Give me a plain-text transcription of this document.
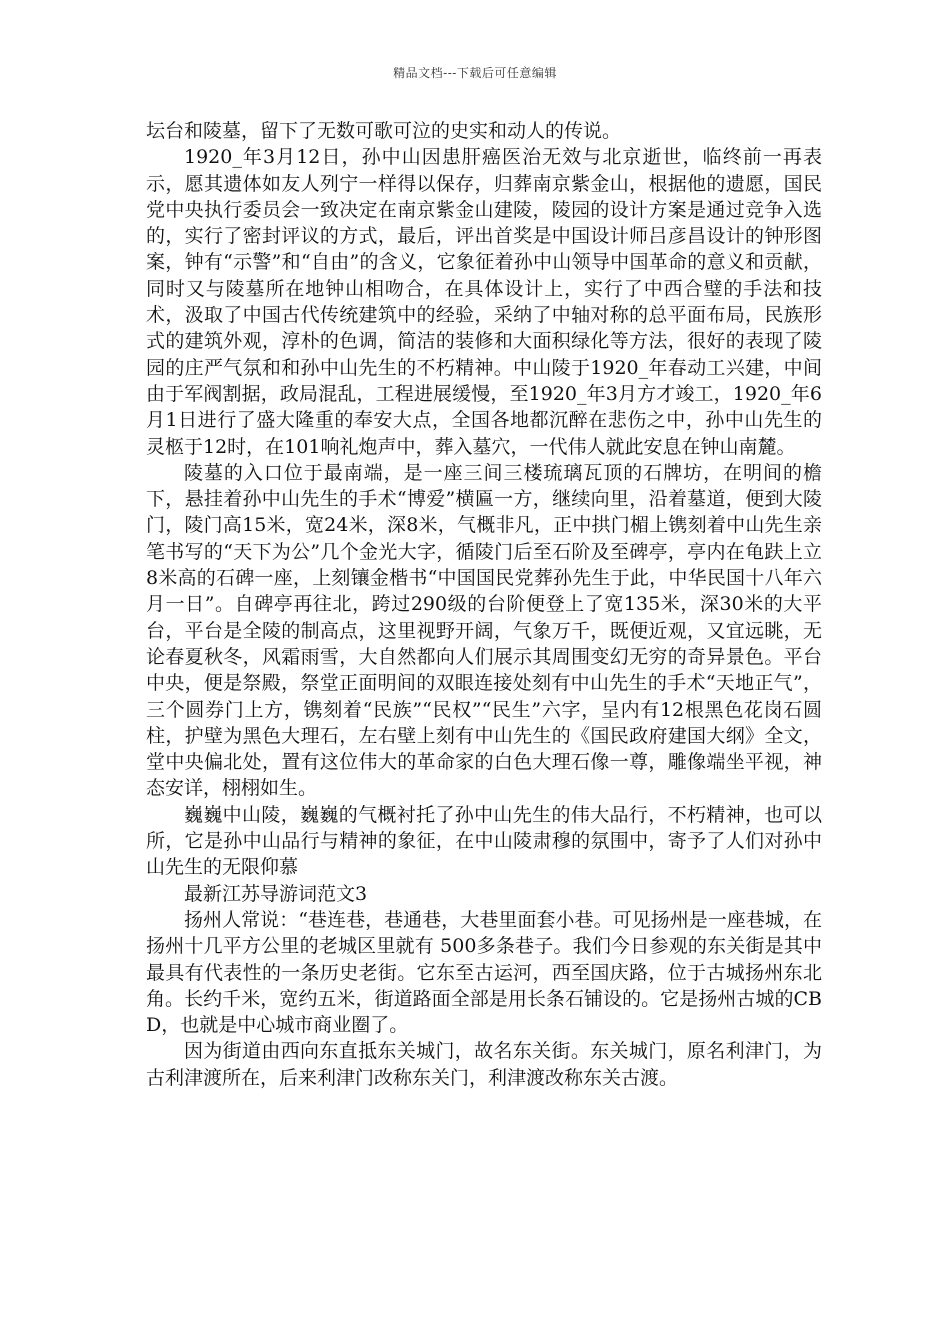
精品文档---下载后可任意编辑

坛台和陵墓，留下了无数可歌可泣的史实和动人的传说。

1920_年3月12日，孙中山因患肝癌医治无效与北京逝世，临终前一再表示，愿其遗体如友人列宁一样得以保存，归葬南京紫金山，根据他的遗愿，国民党中央执行委员会一致决定在南京紫金山建陵，陵园的设计方案是通过竞争入选的，实行了密封评议的方式，最后，评出首奖是中国设计师吕彦昌设计的钟形图案，钟有“示警”和“自由”的含义，它象征着孙中山领导中国革命的意义和贡献，同时又与陵墓所在地钟山相吻合，在具体设计上，实行了中西合璧的手法和技术，汲取了中国古代传统建筑中的经验，采纳了中轴对称的总平面布局，民族形式的建筑外观，淳朴的色调，简洁的装修和大面积绿化等方法，很好的表现了陵园的庄严气氛和和孙中山先生的不朽精神。中山陵于1920_年春动工兴建，中间由于军阀割据，政局混乱，工程进展缓慢，至1920_年3月方才竣工，1920_年6月1日进行了盛大隆重的奉安大点，全国各地都沉醉在悲伤之中，孙中山先生的灵柩于12时，在101响礼炮声中，葬入墓穴，一代伟人就此安息在钟山南麓。

陵墓的入口位于最南端，是一座三间三楼琉璃瓦顶的石牌坊，在明间的檐下，悬挂着孙中山先生的手术“博爱”横匾一方，继续向里，沿着墓道，便到大陵门，陵门高15米，宽24米，深8米，气概非凡，正中拱门楣上镌刻着中山先生亲笔书写的“天下为公”几个金光大字，循陵门后至石阶及至碑亭，亭内在龟趺上立8米高的石碑一座，上刻镶金楷书“中国国民党葬孙先生于此，中华民国十八年六月一日”。自碑亭再往北，跨过290级的台阶便登上了宽135米，深30米的大平台，平台是全陵的制高点，这里视野开阔，气象万千，既便近观，又宜远眺，无论春夏秋冬，风霜雨雪，大自然都向人们展示其周围变幻无穷的奇异景色。平台中央，便是祭殿，祭堂正面明间的双眼连接处刻有中山先生的手术“天地正气”，三个圆券门上方，镌刻着“民族”“民权”“民生”六字，呈内有12根黑色花岗石圆柱，护壁为黑色大理石，左右壁上刻有中山先生的《国民政府建国大纲》全文，堂中央偏北处，置有这位伟大的革命家的白色大理石像一尊，雕像端坐平视，神态安详，栩栩如生。

巍巍中山陵，巍巍的气概衬托了孙中山先生的伟大品行，不朽精神，也可以所，它是孙中山品行与精神的象征，在中山陵肃穆的氛围中，寄予了人们对孙中山先生的无限仰慕

最新江苏导游词范文3

扬州人常说：“巷连巷，巷通巷，大巷里面套小巷。可见扬州是一座巷城，在扬州十几平方公里的老城区里就有 500多条巷子。我们今日参观的东关街是其中最具有代表性的一条历史老街。它东至古运河，西至国庆路，位于古城扬州东北角。长约千米，宽约五米，街道路面全部是用长条石铺设的。它是扬州古城的CBD，也就是中心城市商业圈了。

因为街道由西向东直抵东关城门，故名东关街。东关城门，原名利津门，为古利津渡所在，后来利津门改称东关门，利津渡改称东关古渡。
